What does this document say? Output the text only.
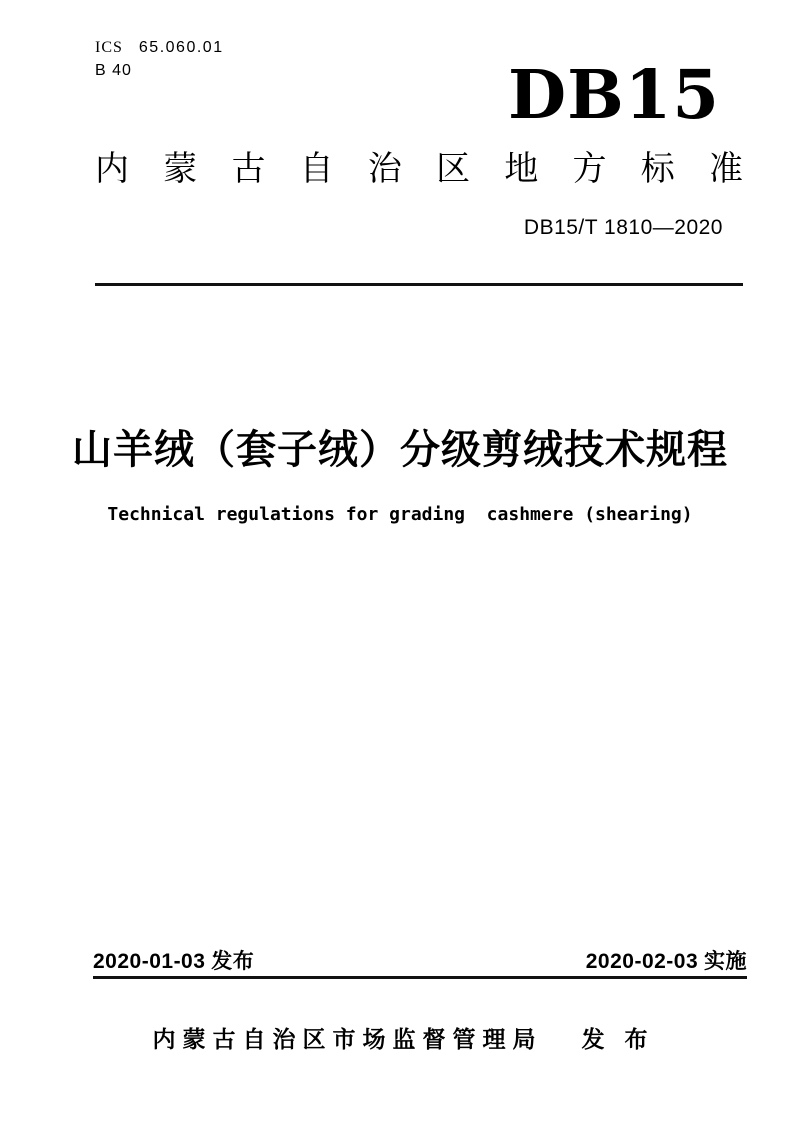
ICS 65.060.01
B 40	DB15
内 蒙 古 自 治 区 地 方 标 准
DB15/T 1810—2020
山羊绒（套子绒）分级剪绒技术规程
Technical regulations for grading  cashmere (shearing)
2020-01-03 发布	2020-02-03 实施
内蒙古自治区市场监督管理局 发布
